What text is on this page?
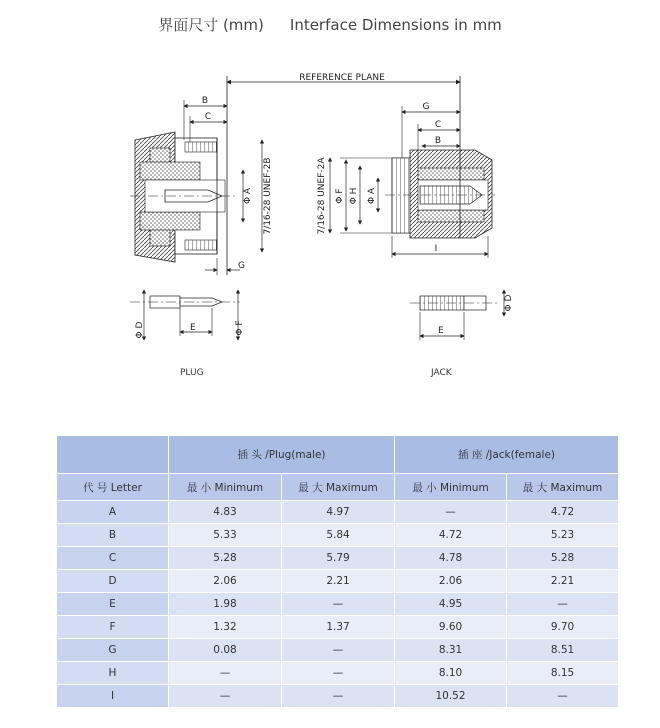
界面尺寸 (mm) Interface Dimensions in mm
REFERENCE PLANE
B
C
Φ A 7/16-28 UNEF-2B
G
Φ D	E	Φ F
G
C
B
I
7/16-28 UNEF-2A Φ F Φ H Φ A
E
Φ D
PLUG	JACK
	插 头 /Plug(male)		插 座 /Jack(female)	
代 号 Letter	最 小 Minimum	最 大 Maximum	最 小 Minimum	最 大 Maximum
A	4.83	4.97	—	4.72
B	5.33	5.84	4.72	5.23
C	5.28	5.79	4.78	5.28
D	2.06	2.21	2.06	2.21
E	1.98	—	4.95	—
F	1.32	1.37	9.60	9.70
G	0.08	—	8.31	8.51
H	—	—	8.10	8.15
I	—	—	10.52	—
